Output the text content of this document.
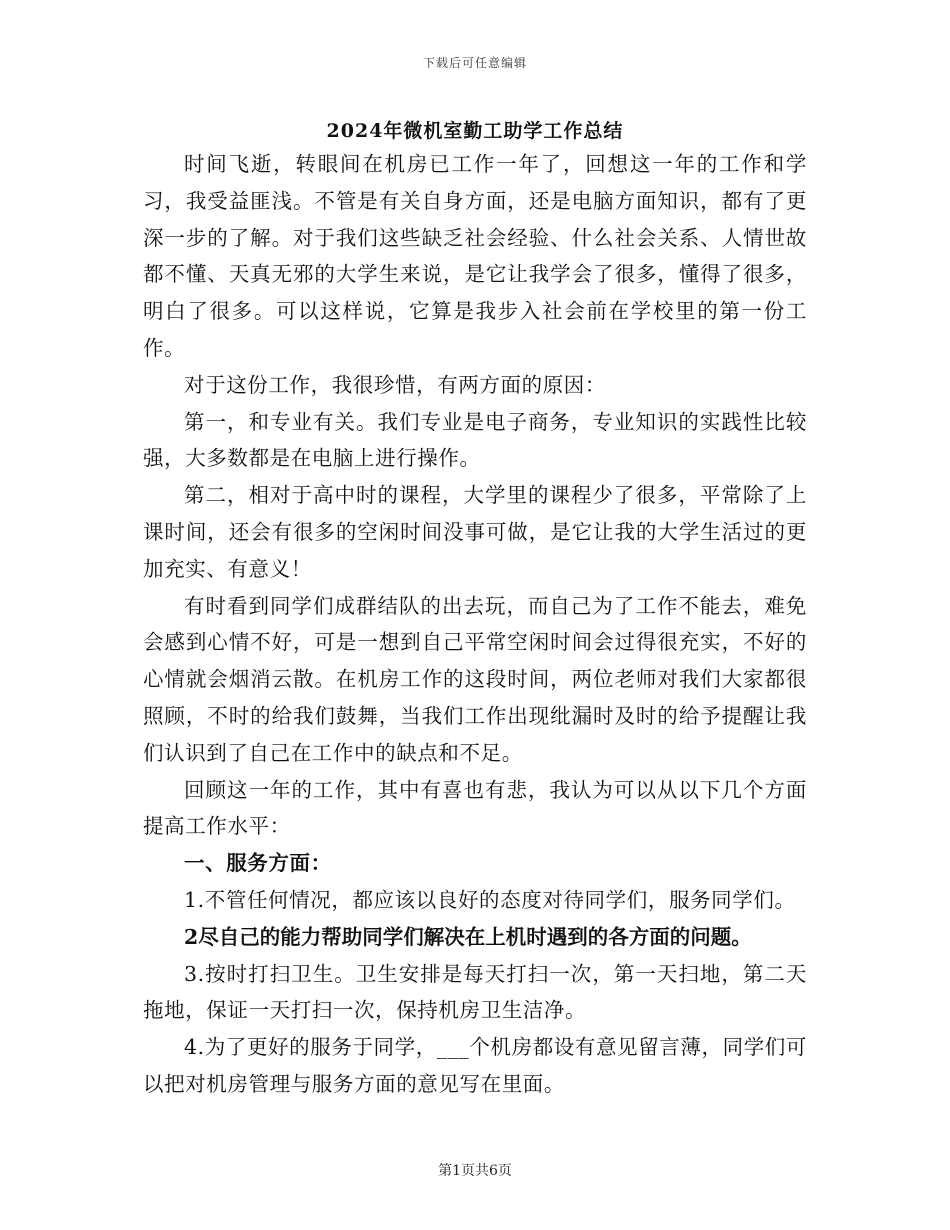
下载后可任意编辑
2024年微机室勤工助学工作总结

时间飞逝，转眼间在机房已工作一年了，回想这一年的工作和学习，我受益匪浅。不管是有关自身方面，还是电脑方面知识，都有了更深一步的了解。对于我们这些缺乏社会经验、什么社会关系、人情世故都不懂、天真无邪的大学生来说，是它让我学会了很多，懂得了很多，明白了很多。可以这样说，它算是我步入社会前在学校里的第一份工作。

对于这份工作，我很珍惜，有两方面的原因：

第一，和专业有关。我们专业是电子商务，专业知识的实践性比较强，大多数都是在电脑上进行操作。

第二，相对于高中时的课程，大学里的课程少了很多，平常除了上课时间，还会有很多的空闲时间没事可做，是它让我的大学生活过的更加充实、有意义！

有时看到同学们成群结队的出去玩，而自己为了工作不能去，难免会感到心情不好，可是一想到自己平常空闲时间会过得很充实，不好的心情就会烟消云散。在机房工作的这段时间，两位老师对我们大家都很照顾，不时的给我们鼓舞，当我们工作出现纰漏时及时的给予提醒让我们认识到了自己在工作中的缺点和不足。

回顾这一年的工作，其中有喜也有悲，我认为可以从以下几个方面提高工作水平：

一、服务方面：

1.不管任何情况，都应该以良好的态度对待同学们，服务同学们。

2尽自己的能力帮助同学们解决在上机时遇到的各方面的问题。

3.按时打扫卫生。卫生安排是每天打扫一次，第一天扫地，第二天拖地，保证一天打扫一次，保持机房卫生洁净。

4.为了更好的服务于同学，___个机房都设有意见留言薄，同学们可以把对机房管理与服务方面的意见写在里面。

第1页共6页
